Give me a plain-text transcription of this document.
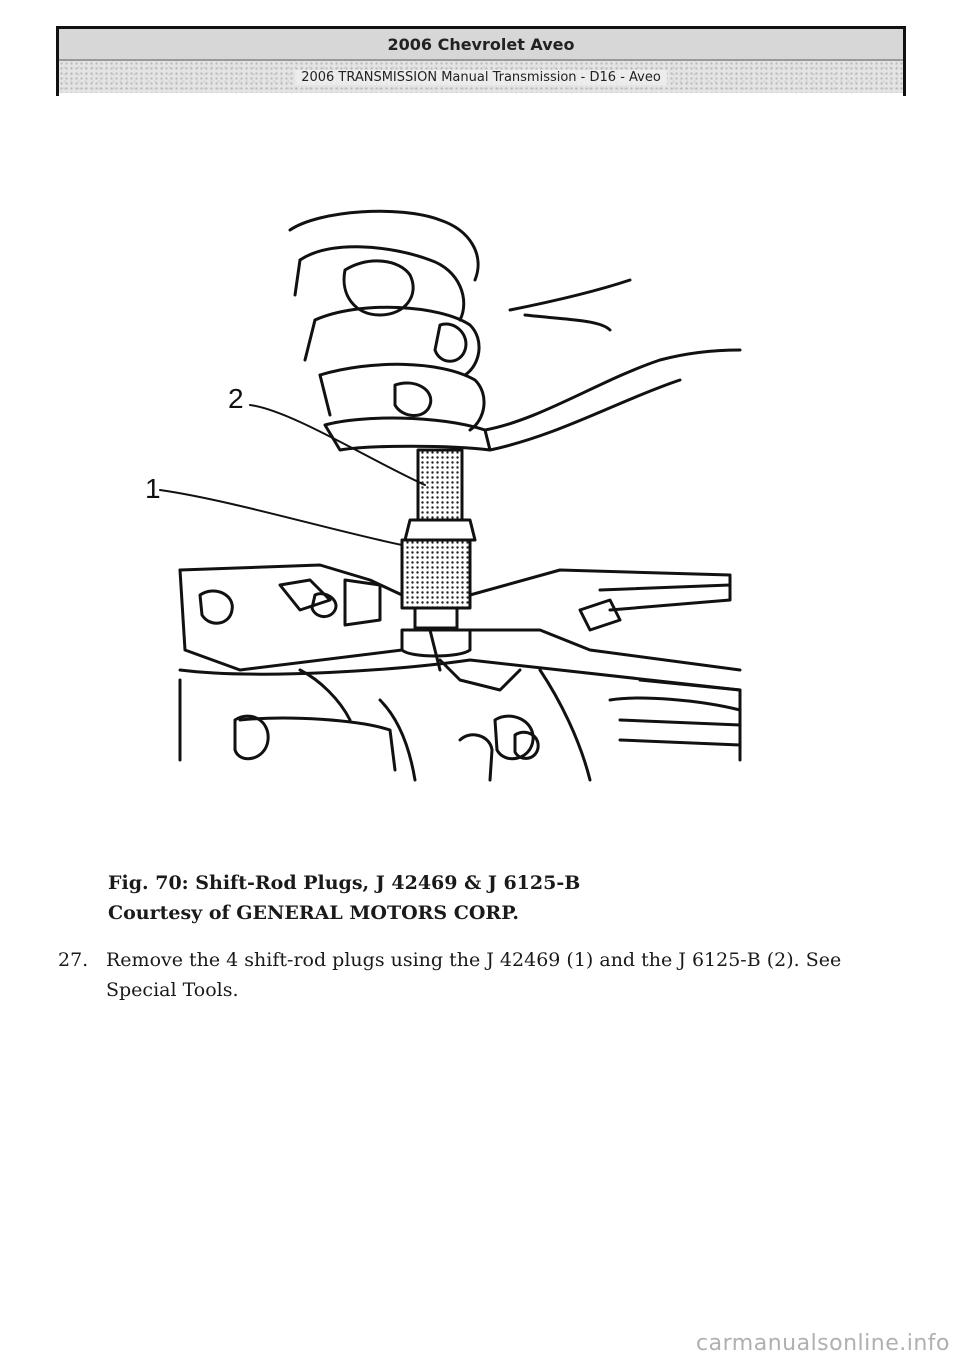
2006 Chevrolet Aveo
2006 TRANSMISSION Manual Transmission - D16 - Aveo
2
1
Fig. 70: Shift-Rod Plugs, J 42469 & J 6125-B
Courtesy of GENERAL MOTORS CORP.
27. Remove the 4 shift-rod plugs using the J 42469 (1) and the J 6125-B (2). See Special Tools.
carmanualsonline.info
